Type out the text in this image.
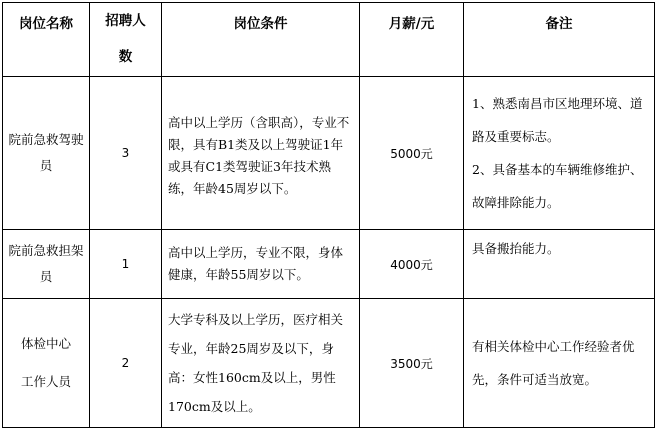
岗位名称	招聘人数	岗位条件	月薪/元	备注

院前急救驾驶员	3	高中以上学历（含职高），专业不限，具有B1类及以上驾驶证1年或具有C1类驾驶证3年技术熟练，年龄45周岁以下。	5000元	1、熟悉南昌市区地理环境、道路及重要标志。
2、具备基本的车辆维修维护、故障排除能力。

院前急救担架员	1	高中以上学历，专业不限，身体健康，年龄55周岁以下。	4000元	具备搬抬能力。

体检中心工作人员	2	大学专科及以上学历，医疗相关专业，年龄25周岁及以下，身高：女性160cm及以上，男性170cm及以上。	3500元	有相关体检中心工作经验者优先，条件可适当放宽。
